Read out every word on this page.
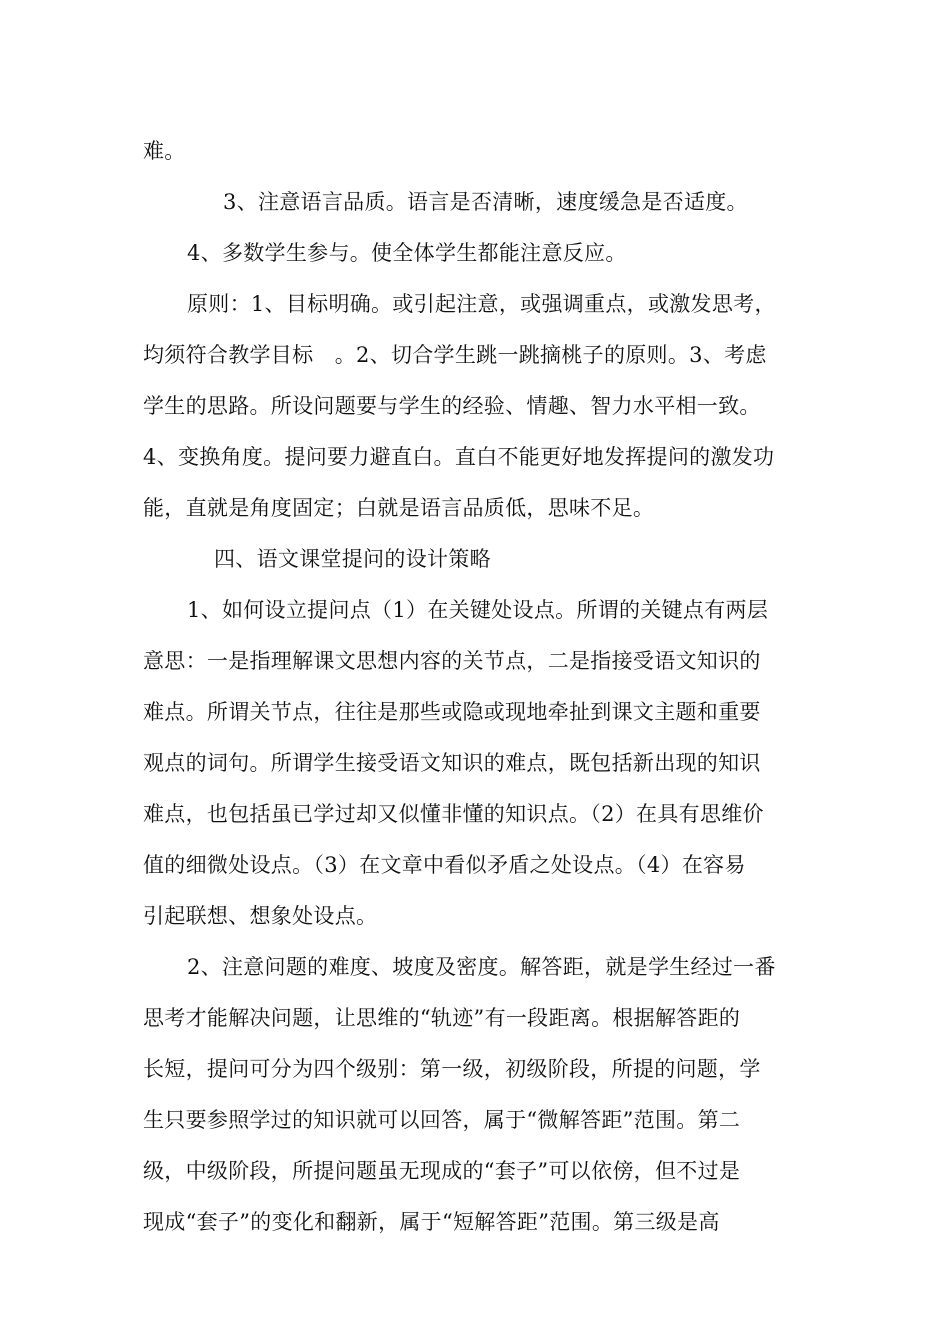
难。
3、注意语言品质。语言是否清晰，速度缓急是否适度。
4、多数学生参与。使全体学生都能注意反应。
原则：1、目标明确。或引起注意，或强调重点，或激发思考，
均须符合教学目标　。2、切合学生跳一跳摘桃子的原则。3、考虑
学生的思路。所设问题要与学生的经验、情趣、智力水平相一致。
4、变换角度。提问要力避直白。直白不能更好地发挥提问的激发功
能，直就是角度固定；白就是语言品质低，思味不足。
四、语文课堂提问的设计策略
1、如何设立提问点（1）在关键处设点。所谓的关键点有两层
意思：一是指理解课文思想内容的关节点，二是指接受语文知识的
难点。所谓关节点，往往是那些或隐或现地牵扯到课文主题和重要
观点的词句。所谓学生接受语文知识的难点，既包括新出现的知识
难点，也包括虽已学过却又似懂非懂的知识点。（2）在具有思维价
值的细微处设点。（3）在文章中看似矛盾之处设点。（4）在容易
引起联想、想象处设点。
2、注意问题的难度、坡度及密度。解答距，就是学生经过一番
思考才能解决问题，让思维的“轨迹”有一段距离。根据解答距的
长短，提问可分为四个级别：第一级，初级阶段，所提的问题，学
生只要参照学过的知识就可以回答，属于“微解答距”范围。第二
级，中级阶段，所提问题虽无现成的“套子”可以依傍，但不过是
现成“套子”的变化和翻新，属于“短解答距”范围。第三级是高
